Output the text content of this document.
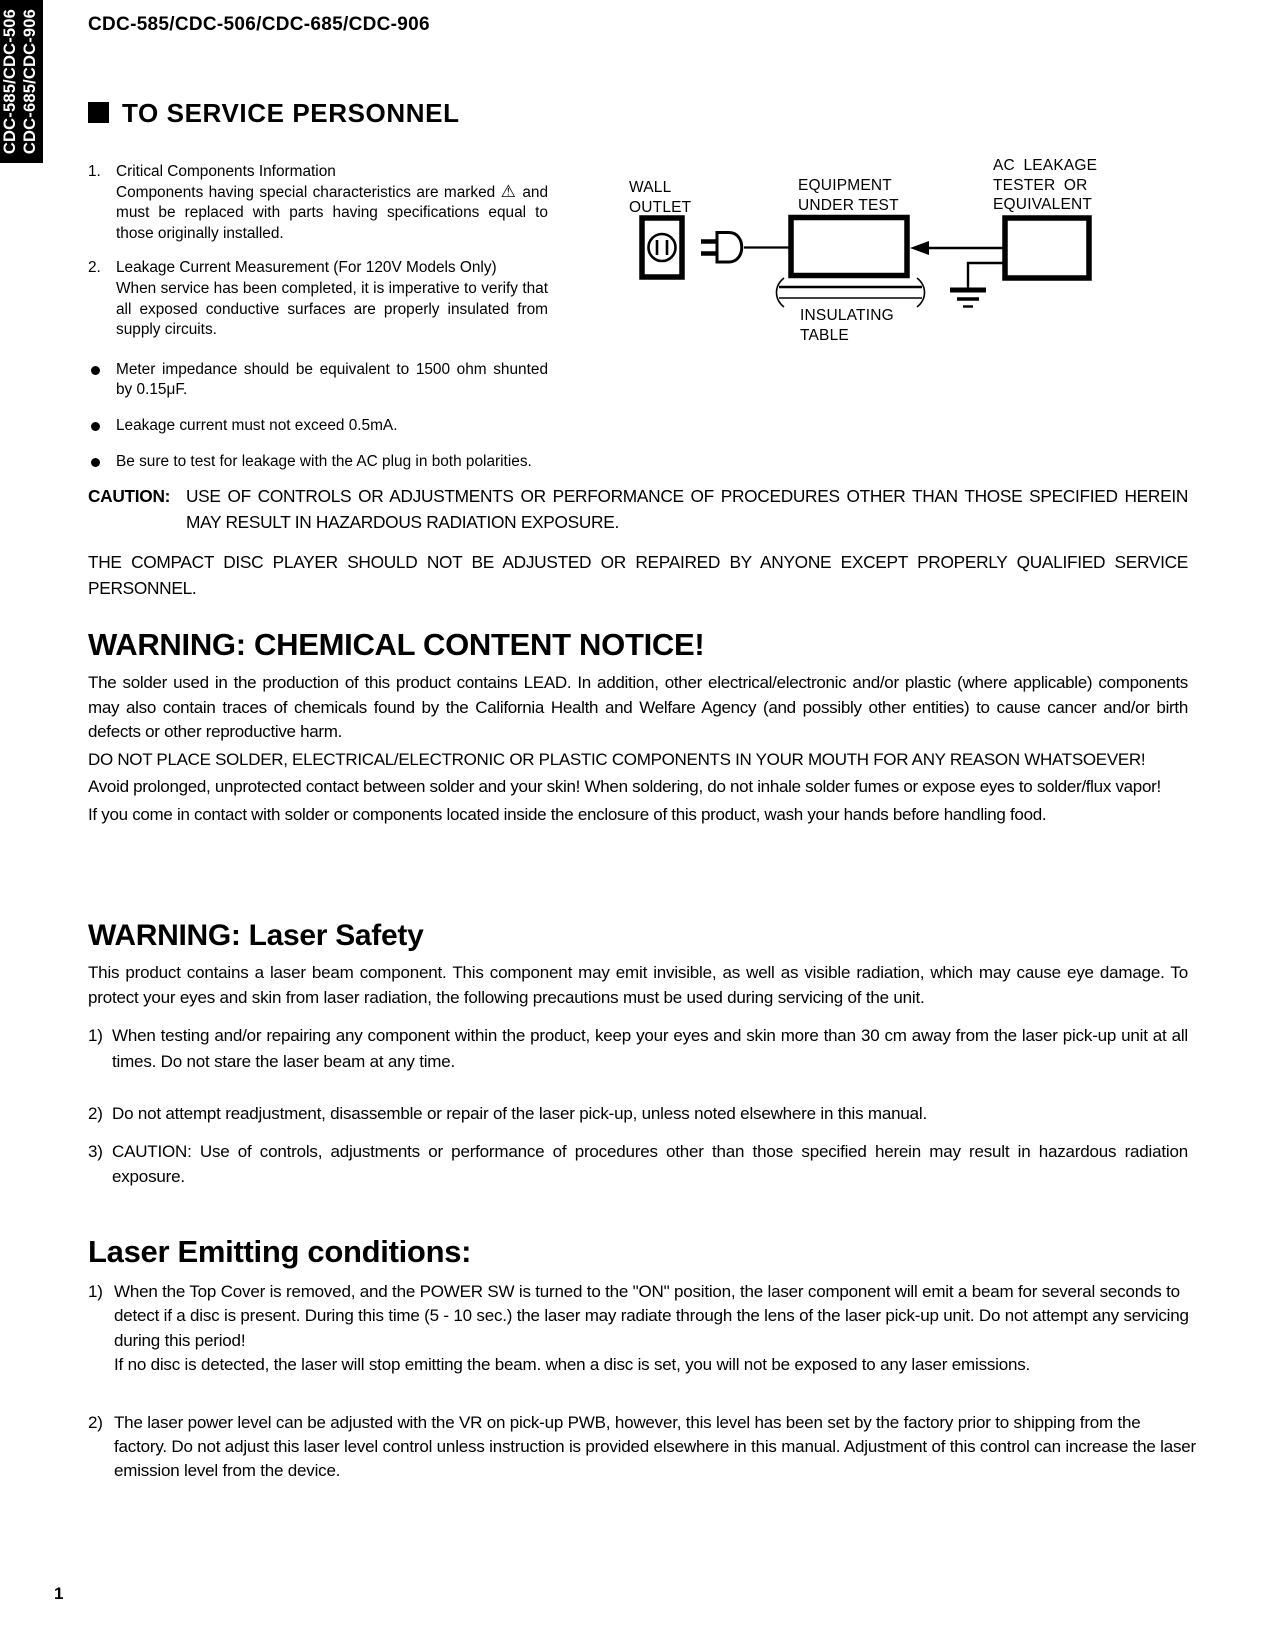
CDC-585/CDC-506 CDC-685/CDC-906	CDC-585/CDC-506/CDC-685/CDC-906
TO SERVICE PERSONNEL
1. Critical Components Information
Components having special characteristics are marked ⚠ and must be replaced with parts having specifications equal to those originally installed.
2. Leakage Current Measurement (For 120V Models Only)
When service has been completed, it is imperative to verify that all exposed conductive surfaces are properly insulated from supply circuits.
Meter impedance should be equivalent to 1500 ohm shunted by 0.15μF.
Leakage current must not exceed 0.5mA.
Be sure to test for leakage with the AC plug in both polarities.
WALL
OUTLET
EQUIPMENT
UNDER TEST
AC LEAKAGE
TESTER OR
EQUIVALENT
INSULATING
TABLE
CAUTION: USE OF CONTROLS OR ADJUSTMENTS OR PERFORMANCE OF PROCEDURES OTHER THAN THOSE SPECIFIED HEREIN MAY RESULT IN HAZARDOUS RADIATION EXPOSURE.
THE COMPACT DISC PLAYER SHOULD NOT BE ADJUSTED OR REPAIRED BY ANYONE EXCEPT PROPERLY QUALIFIED SERVICE PERSONNEL.
WARNING: CHEMICAL CONTENT NOTICE!

The solder used in the production of this product contains LEAD. In addition, other electrical/electronic and/or plastic (where applicable) components may also contain traces of chemicals found by the California Health and Welfare Agency (and possibly other entities) to cause cancer and/or birth defects or other reproductive harm.

DO NOT PLACE SOLDER, ELECTRICAL/ELECTRONIC OR PLASTIC COMPONENTS IN YOUR MOUTH FOR ANY REASON WHATSOEVER!

Avoid prolonged, unprotected contact between solder and your skin! When soldering, do not inhale solder fumes or expose eyes to solder/flux vapor!

If you come in contact with solder or components located inside the enclosure of this product, wash your hands before handling food.

WARNING: Laser Safety

This product contains a laser beam component. This component may emit invisible, as well as visible radiation, which may cause eye damage. To protect your eyes and skin from laser radiation, the following precautions must be used during servicing of the unit.

1) When testing and/or repairing any component within the product, keep your eyes and skin more than 30 cm away from the laser pick-up unit at all times. Do not stare the laser beam at any time.
2) Do not attempt readjustment, disassemble or repair of the laser pick-up, unless noted elsewhere in this manual.
3) CAUTION: Use of controls, adjustments or performance of procedures other than those specified herein may result in hazardous radiation exposure.
Laser Emitting conditions:
1) When the Top Cover is removed, and the POWER SW is turned to the "ON" position, the laser component will emit a beam for several seconds to detect if a disc is present. During this time (5 - 10 sec.) the laser may radiate through the lens of the laser pick-up unit. Do not attempt any servicing during this period!
If no disc is detected, the laser will stop emitting the beam. when a disc is set, you will not be exposed to any laser emissions.
2) The laser power level can be adjusted with the VR on pick-up PWB, however, this level has been set by the factory prior to shipping from the factory. Do not adjust this laser level control unless instruction is provided elsewhere in this manual. Adjustment of this control can increase the laser emission level from the device.
1
